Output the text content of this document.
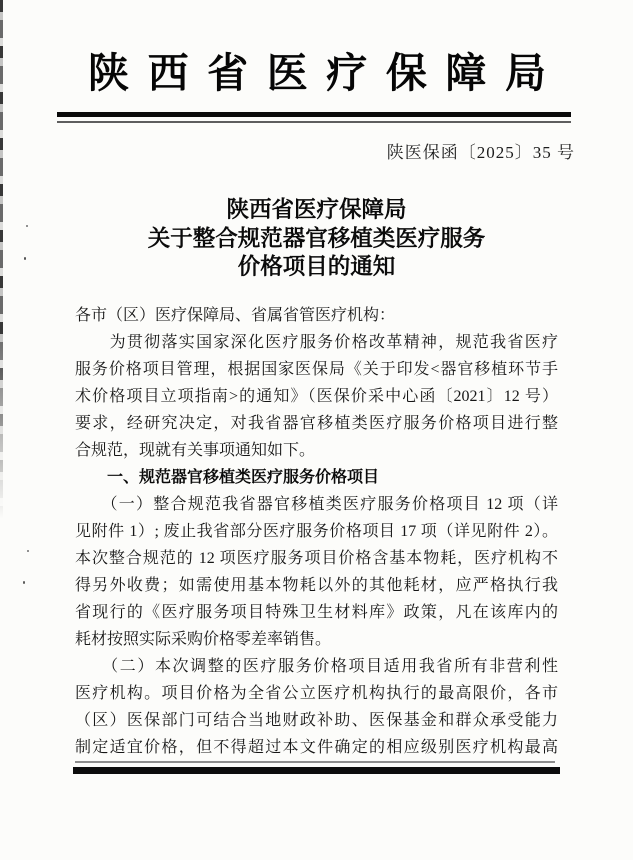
陕 西 省 医 疗 保 障 局
陕医保函〔2025〕35 号
陕西省医疗保障局
关于整合规范器官移植类医疗服务
价格项目的通知
各市（区）医疗保障局、省属省管医疗机构：
　　为贯彻落实国家深化医疗服务价格改革精神，规范我省医疗
服务价格项目管理，根据国家医保局《关于印发<器官移植环节手
术价格项目立项指南>的通知》（医保价采中心函〔2021〕12 号）
要求，经研究决定，对我省器官移植类医疗服务价格项目进行整
合规范，现就有关事项通知如下。
　　一、规范器官移植类医疗服务价格项目
　　（一）整合规范我省器官移植类医疗服务价格项目 12 项（详
见附件 1）; 废止我省部分医疗服务价格项目 17 项（详见附件 2）。
本次整合规范的 12 项医疗服务项目价格含基本物耗，医疗机构不
得另外收费；如需使用基本物耗以外的其他耗材，应严格执行我
省现行的《医疗服务项目特殊卫生材料库》政策，凡在该库内的
耗材按照实际采购价格零差率销售。
　　（二）本次调整的医疗服务价格项目适用我省所有非营利性
医疗机构。项目价格为全省公立医疗机构执行的最高限价，各市
（区）医保部门可结合当地财政补助、医保基金和群众承受能力
制定适宜价格，但不得超过本文件确定的相应级别医疗机构最高
